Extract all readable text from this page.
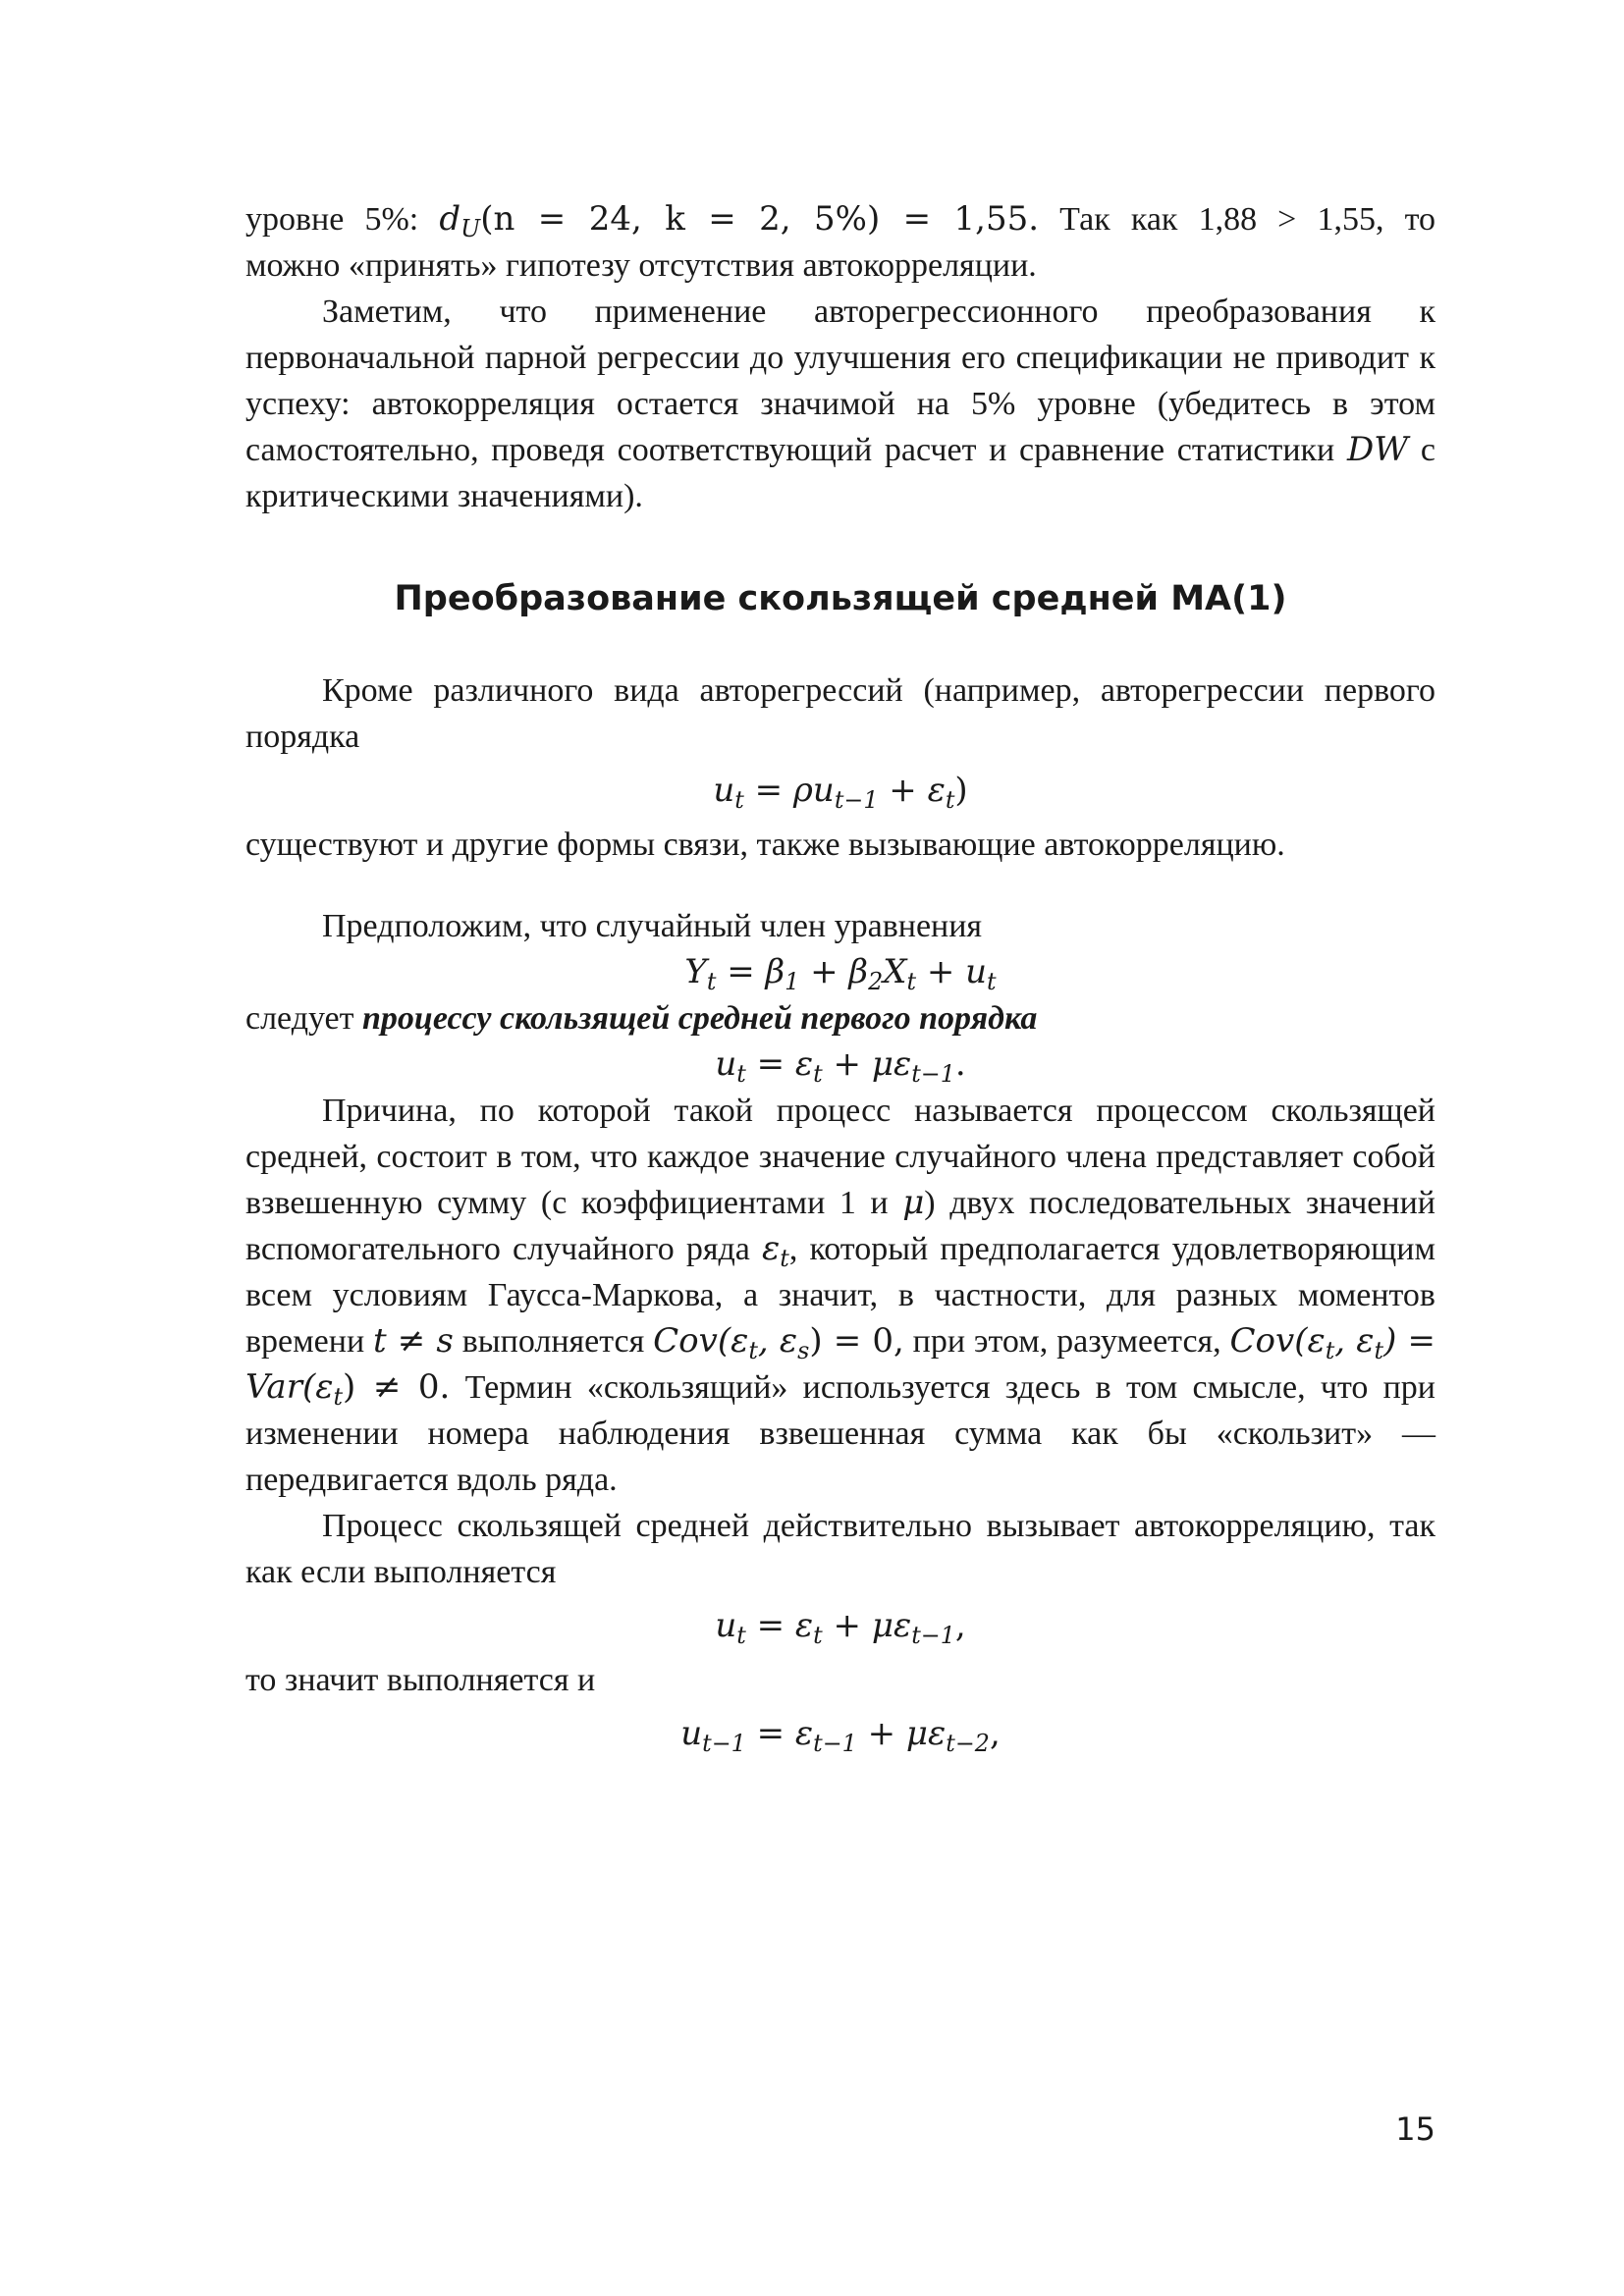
уровне 5%: $d_U(n = 24$, k = 2, 5%) = 1,55. Так как 1,88 > 1,55, то

можно «принять» гипотезу отсутствия автокорреляции.

Заметим, что применение авторегрессионного преобразования к первоначальной парной регрессии до улучшения его спецификации не приводит к успеху: автокорреляция остается значимой на 5% уровне (убедитесь в этом самостоятельно, проведя соответствующий расчет и сравнение статистики DW с критическими значениями).

Преобразование скользящей средней MA(1)

Кроме различного вида авторегрессий (например, авторегрессии первого порядка

$u_t = \rho u_{t-1} + \varepsilon_t$)

существуют и другие формы связи, также вызывающие автокорреляцию.

Предположим, что случайный член уравнения

$Y_t = \beta_1 + \beta_2X_t + u_t$

следует процессу скользящей средней первого порядка

$u_t = \varepsilon_t + \mu\varepsilon_{t-1}$.

Причина, по которой такой процесс называется процессом скользящей средней, состоит в том, что каждое значение случайного члена представляет собой взвешенную сумму (с коэффициентами 1 и μ) двух последовательных значений вспомогательного случайного ряда $\varepsilon_t$, который предполагается удовлетворяющим всем условиям Гаусса-Маркова, а значит, в частности, для разных моментов времени t ≠ s выполняется $Cov(\varepsilon_t$, $\varepsilon_s) = 0$, при этом, разумеется, $Cov(\varepsilon_t$, $\varepsilon_t) = Var(\varepsilon_t) \ne 0$. Термин «скользящий» используется здесь в том смысле, что при изменении номера наблюдения взвешенная сумма как бы «скользит» — передвигается вдоль ряда.

Процесс скользящей средней действительно вызывает автокорреляцию, так как если выполняется

$u_t = \varepsilon_t + \mu\varepsilon_{t-1}$,

то значит выполняется и

$u_{t-1} = \varepsilon_{t-1} + \mu\varepsilon_{t-2}$,
15
